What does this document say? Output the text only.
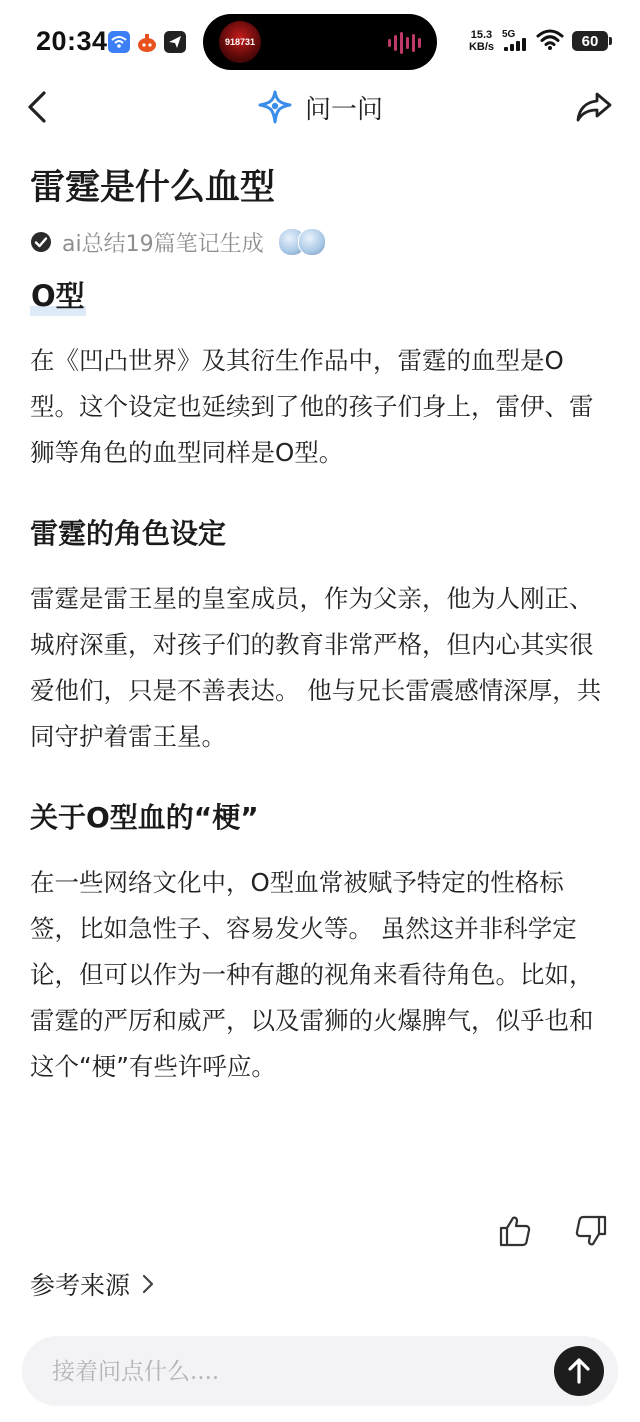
20:34	918731
15.3
KB/s
5G	60
问一问
雷霆是什么血型
ai总结19篇笔记生成
O型

在《凹凸世界》及其衍生作品中，雷霆的血型是O型。这个设定也延续到了他的孩子们身上，雷伊、雷狮等角色的血型同样是O型。

雷霆的角色设定

雷霆是雷王星的皇室成员，作为父亲，他为人刚正、城府深重，对孩子们的教育非常严格，但内心其实很爱他们，只是不善表达。 他与兄长雷震感情深厚，共同守护着雷王星。

关于O型血的“梗”

在一些网络文化中，O型血常被赋予特定的性格标签，比如急性子、容易发火等。 虽然这并非科学定论，但可以作为一种有趣的视角来看待角色。比如，雷霆的严厉和威严，以及雷狮的火爆脾气，似乎也和这个“梗”有些许呼应。

参考来源
接着问点什么....
